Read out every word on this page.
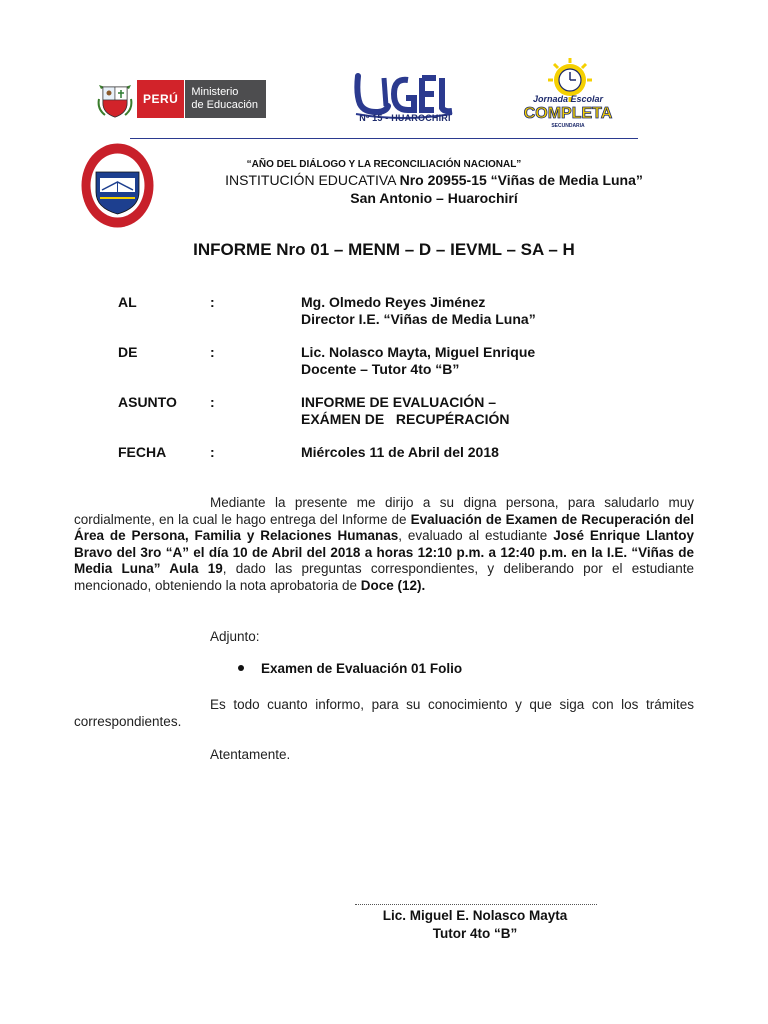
PERÚ	Ministerio
de Educación
Nº 15 - HUAROCHIRI
Jornada Escolar
COMPLETA
SECUNDARIA
“AÑO DEL DIÁLOGO Y LA RECONCILIACIÓN NACIONAL”
INSTITUCIÓN EDUCATIVA Nro 20955-15 “Viñas de Media Luna”
San Antonio – Huarochirí
INFORME Nro 01 – MENM – D – IEVML – SA – H
AL	:	Mg. Olmedo Reyes Jiménez
Director I.E. “Viñas de Media Luna”
DE	:	Lic. Nolasco Mayta, Miguel Enrique
Docente – Tutor 4to “B”
ASUNTO :	INFORME DE EVALUACIÓN –
EXÁMEN DE   RECUPÉRACIÓN
FECHA	:	Miércoles 11 de Abril del 2018
Mediante la presente me dirijo a su digna persona, para saludarlo muy cordialmente, en la cual le hago entrega del Informe de Evaluación de Examen de Recuperación del Área de Persona, Familia y Relaciones Humanas, evaluado al estudiante José Enrique Llantoy Bravo del 3ro “A” el día 10 de Abril del 2018 a horas 12:10 p.m. a 12:40 p.m. en la I.E. “Viñas de Media Luna” Aula 19, dado las preguntas correspondientes, y deliberando por el estudiante mencionado, obteniendo la nota aprobatoria de Doce (12).
Adjunto:
Examen de Evaluación 01 Folio
Es todo cuanto informo, para su conocimiento y que siga con los trámites correspondientes.
Atentamente.
Lic. Miguel E. Nolasco Mayta
Tutor 4to “B”
